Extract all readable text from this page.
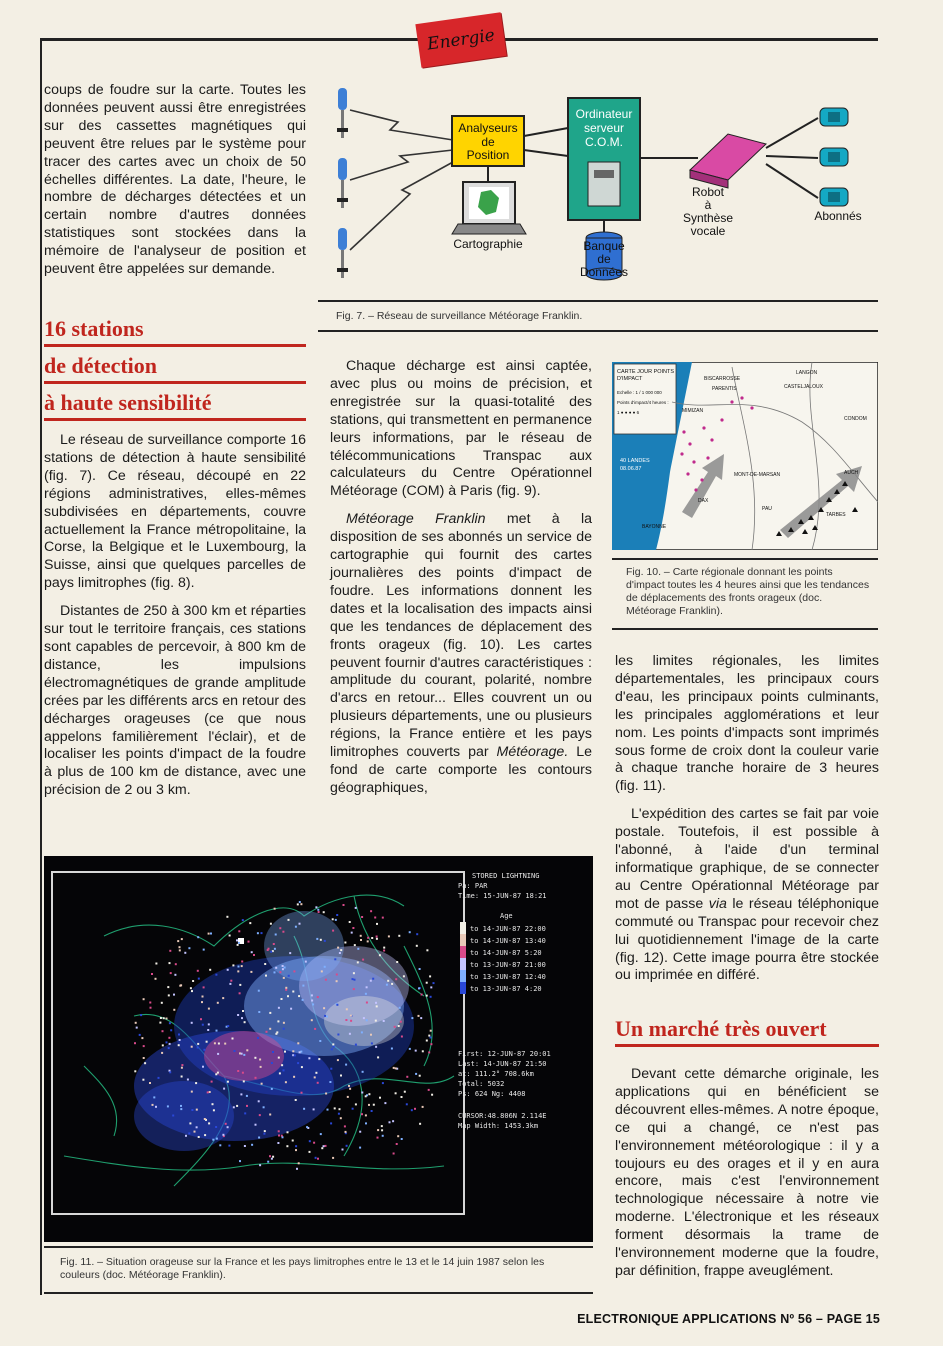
Energie

coups de foudre sur la carte. Toutes les données peuvent aussi être enregistrées sur des cassettes magnétiques qui peuvent être relues par le système pour tracer des cartes avec un choix de 50 échelles différentes. La date, l'heure, le nombre de décharges détectées et un certain nombre d'autres données statistiques sont stockées dans la mémoire de l'analyseur de position et peuvent être appelées sur demande.

16 stations
de détection
à haute sensibilité

Le réseau de surveillance comporte 16 stations de détection à haute sensibilité (fig. 7). Ce réseau, découpé en 22 régions administratives, elles-mêmes subdivisées en départements, couvre actuellement la France métropolitaine, la Corse, la Belgique et le Luxembourg, la Suisse, ainsi que quelques parcelles de pays limitrophes (fig. 8).

Distantes de 250 à 300 km et réparties sur tout le territoire français, ces stations sont capables de percevoir, à 800 km de distance, les impulsions électromagnétiques de grande amplitude crées par les différents arcs en retour des décharges orageuses (ce que nous appelons familièrement l'éclair), et de localiser les points d'impact de la foudre à plus de 100 km de distance, avec une précision de 2 ou 3 km.

Analyseurs
de
Position
Cartographie
Ordinateur
serveur
C.O.M.
Banque
de
Données
Robot
à
Synthèse
vocale
Abonnés
Fig. 7. – Réseau de surveillance Météorage Franklin.

Chaque décharge est ainsi captée, avec plus ou moins de précision, et enregistrée sur la quasi-totalité des stations, qui transmettent en permanence leurs informations, par le réseau de télécommunications Transpac aux calculateurs du Centre Opérationnel Météorage (COM) à Paris (fig. 9).

Météorage Franklin met à la disposition de ses abonnés un service de cartographie qui fournit des cartes journalières des points d'impact de foudre. Les informations donnent les dates et la localisation des impacts ainsi que les tendances de déplacement des fronts orageux (fig. 10). Les cartes peuvent fournir d'autres caractéristiques : amplitude du courant, polarité, nombre d'arcs en retour... Elles couvrent un ou plusieurs départements, une ou plusieurs régions, la France entière et les pays limitrophes couverts par Météorage. Le fond de carte comporte les contours géographiques,

CARTE JOUR POINTS
D'IMPACT
Echelle : 1 / 1 000 000
Points d'impact/4 heures :
1 ● ● ● ● 6
40 LANDES
08.06.87
BISCARROSSE
PARENTIS
LANGON
CASTELJALOUX
MIMIZAN
CONDOM
MONT-DE-MARSAN
DAX
AUCH
PAU
TARBES
BAYONNE
Fig. 10. – Carte régionale donnant les points d'impact toutes les 4 heures ainsi que les tendances de déplacements des fronts orageux (doc. Météorage Franklin).

les limites régionales, les limites départementales, les principaux cours d'eau, les principaux points culminants, les principales agglomérations et leur nom. Les points d'impacts sont imprimés sous forme de croix dont la couleur varie à chaque tranche horaire de 3 heures (fig. 11).

L'expédition des cartes se fait par voie postale. Toutefois, il est possible à l'abonné, à l'aide d'un terminal informatique graphique, de se connecter au Centre Opérationnal Météorage par mot de passe via le réseau téléphonique commuté ou Transpac pour recevoir chez lui quotidiennement l'image de la carte (fig. 12). Cette image pourra être stockée ou imprimée en différé.

Un marché très ouvert

Devant cette démarche originale, les applications qui en bénéficient se découvrent elles-mêmes. A notre époque, ce qui a changé, ce n'est pas l'environnement météorologique : il y a toujours eu des orages et il y en aura encore, mais c'est l'environnement technologique nécessaire à notre vie moderne. L'électronique et les réseaux forment désormais la trame de l'environnement moderne que la foudre, par définition, frappe aveuglément.

STORED LIGHTNING
Pa: PAR
Time: 15-JUN-87 18:21
Age
to 14-JUN-87 22:00
to 14-JUN-87 13:40
to 14-JUN-87 5:20
to 13-JUN-87 21:00
to 13-JUN-87 12:40
to 13-JUN-87 4:20
First: 12-JUN-87 20:01
Last: 14-JUN-87 21:50
at: 111.2° 708.6km
Total: 5032
Ps: 624 Ng: 4408
CURSOR:48.806N 2.114E
Map Width: 1453.3km
Fig. 11. – Situation orageuse sur la France et les pays limitrophes entre le 13 et le 14 juin 1987 selon les couleurs (doc. Météorage Franklin).
ELECTRONIQUE APPLICATIONS Nº 56 – PAGE 15
